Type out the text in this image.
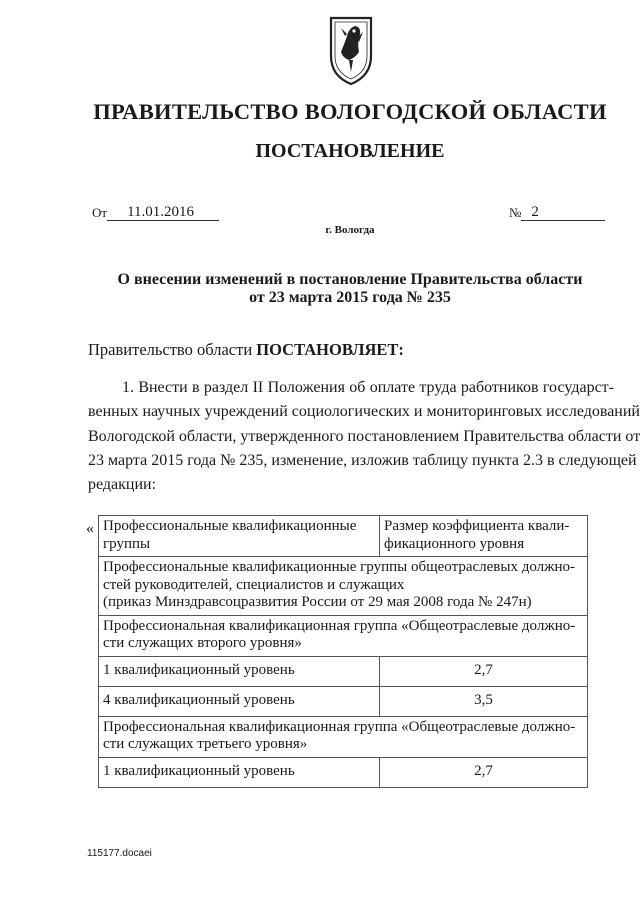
ПРАВИТЕЛЬСТВО ВОЛОГОДСКОЙ ОБЛАСТИ
ПОСТАНОВЛЕНИЕ
От	11.01.2016	№ 2
г. Вологда
О внесении изменений в постановление Правительства области
от 23 марта 2015 года № 235
Правительство области ПОСТАНОВЛЯЕТ:
1. Внести в раздел II Положения об оплате труда работников государст-
венных научных учреждений социологических и мониторинговых исследований
Вологодской области, утвержденного постановлением Правительства области от
23 марта 2015 года № 235, изменение, изложив таблицу пункта 2.3 в следующей
редакции:
« Профессиональные квалификационные группы	Размер коэффициента квали-фикационного уровня

Профессиональные квалификационные группы общеотраслевых должно-
стей руководителей, специалистов и служащих
(приказ Минздравсоцразвития России от 29 мая 2008 года № 247н)	

Профессиональная квалификационная группа «Общеотраслевые должно-
сти служащих второго уровня»	

1 квалификационный уровень	2,7
4 квалификационный уровень	3,5

Профессиональная квалификационная группа «Общеотраслевые должно-
сти служащих третьего уровня»	

1 квалификационный уровень	2,7
115177.docaei
